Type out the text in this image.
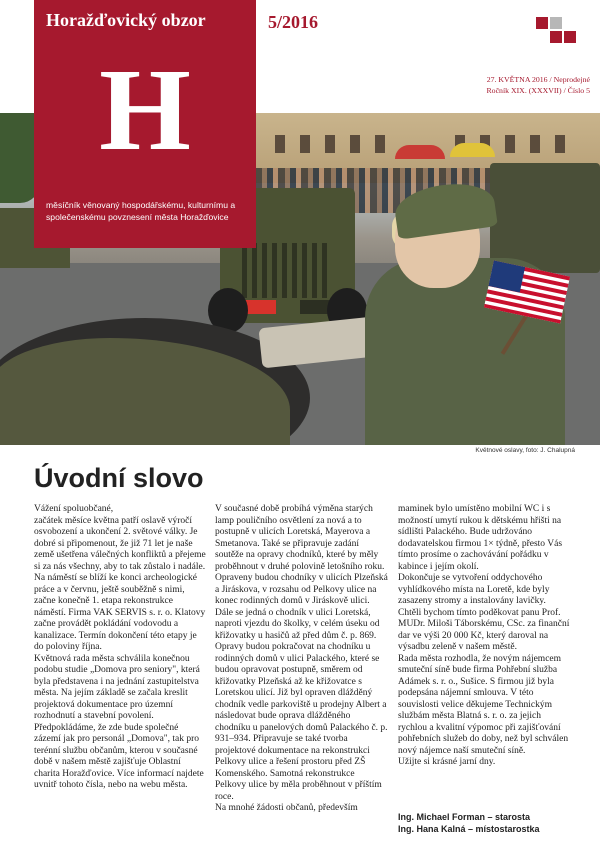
Horažďovický obzor
H
měsíčník věnovaný hospodářskému, kulturnímu a společenskému povznesení města Horažďovice
5/2016
27. KVĚTNA 2016 / Neprodejné
Ročník XIX. (XXXVII) / Číslo 5
Květnové oslavy, foto: J. Chalupná
Úvodní slovo

Vážení spoluobčané,

začátek měsíce května patří oslavě výročí osvobození a ukončení 2. světové války. Je dobré si připomenout, že již 71 let je naše země ušetřena válečných konfliktů a přejeme si za nás všechny, aby to tak zůstalo i nadále.

Na náměstí se blíží ke konci archeologické práce a v červnu, ještě souběžně s nimi, začne konečně 1. etapa rekonstrukce náměstí. Firma VAK SERVIS s. r. o. Klatovy začne provádět pokládání vodovodu a kanalizace. Termín dokončení této etapy je do poloviny října.

Květnová rada města schválila konečnou podobu studie „Domova pro seniory", která byla představena i na jednání zastupitelstva města. Na jejím základě se začala kreslit projektová dokumentace pro územní rozhodnutí a stavební povolení. Předpokládáme, že zde bude společné zázemí jak pro personál „Domova", tak pro terénní službu občanům, kterou v současné době v našem městě zajišťuje Oblastní charita Horažďovice. Více informací najdete uvnitř tohoto čísla, nebo na webu města.

V současné době probíhá výměna starých lamp pouličního osvětlení za nová a to postupně v ulicích Loretská, Mayerova a Smetanova. Také se připravuje zadání soutěže na opravy chodníků, které by měly proběhnout v druhé polovině letošního roku. Opraveny budou chodníky v ulicích Plzeňská a Jiráskova, v rozsahu od Pelkovy ulice na konec rodinných domů v Jiráskově ulici. Dále se jedná o chodník v ulici Loretská, naproti vjezdu do školky, v celém úseku od křižovatky u hasičů až před dům č. p. 869. Opravy budou pokračovat na chodníku u rodinných domů v ulici Palackého, které se budou opravovat postupně, směrem od křižovatky Plzeňská až ke křižovatce s Loretskou ulicí. Již byl opraven dlážděný chodník vedle parkoviště u prodejny Albert a následovat bude oprava dlážděného chodníku u panelových domů Palackého č. p. 931–934. Připravuje se také tvorba projektové dokumentace na rekonstrukci Pelkovy ulice a řešení prostoru před ZŠ Komenského. Samotná rekonstrukce Pelkovy ulice by měla proběhnout v příštím roce.

Na mnohé žádosti občanů, především

maminek bylo umístěno mobilní WC i s možností umytí rukou k dětskému hřišti na sídlišti Palackého. Bude udržováno dodavatelskou firmou 1× týdně, přesto Vás tímto prosíme o zachovávání pořádku v kabince i jejím okolí.

Dokončuje se vytvoření oddychového vyhlídkového místa na Loretě, kde byly zasazeny stromy a instalovány lavičky. Chtěli bychom tímto poděkovat panu Prof. MUDr. Miloši Táborskému, CSc. za finanční dar ve výši 20 000 Kč, který daroval na výsadbu zeleně v našem městě.

Rada města rozhodla, že novým nájemcem smuteční síně bude firma Pohřební služba Adámek s. r. o., Sušice. S firmou již byla podepsána nájemní smlouva. V této souvislosti velice děkujeme Technickým službám města Blatná s. r. o. za jejich rychlou a kvalitní výpomoc při zajišťování pohřebních služeb do doby, než byl schválen nový nájemce naší smuteční síně.

Užijte si krásné jarní dny.

Ing. Michael Forman – starosta
Ing. Hana Kalná – místostarostka
